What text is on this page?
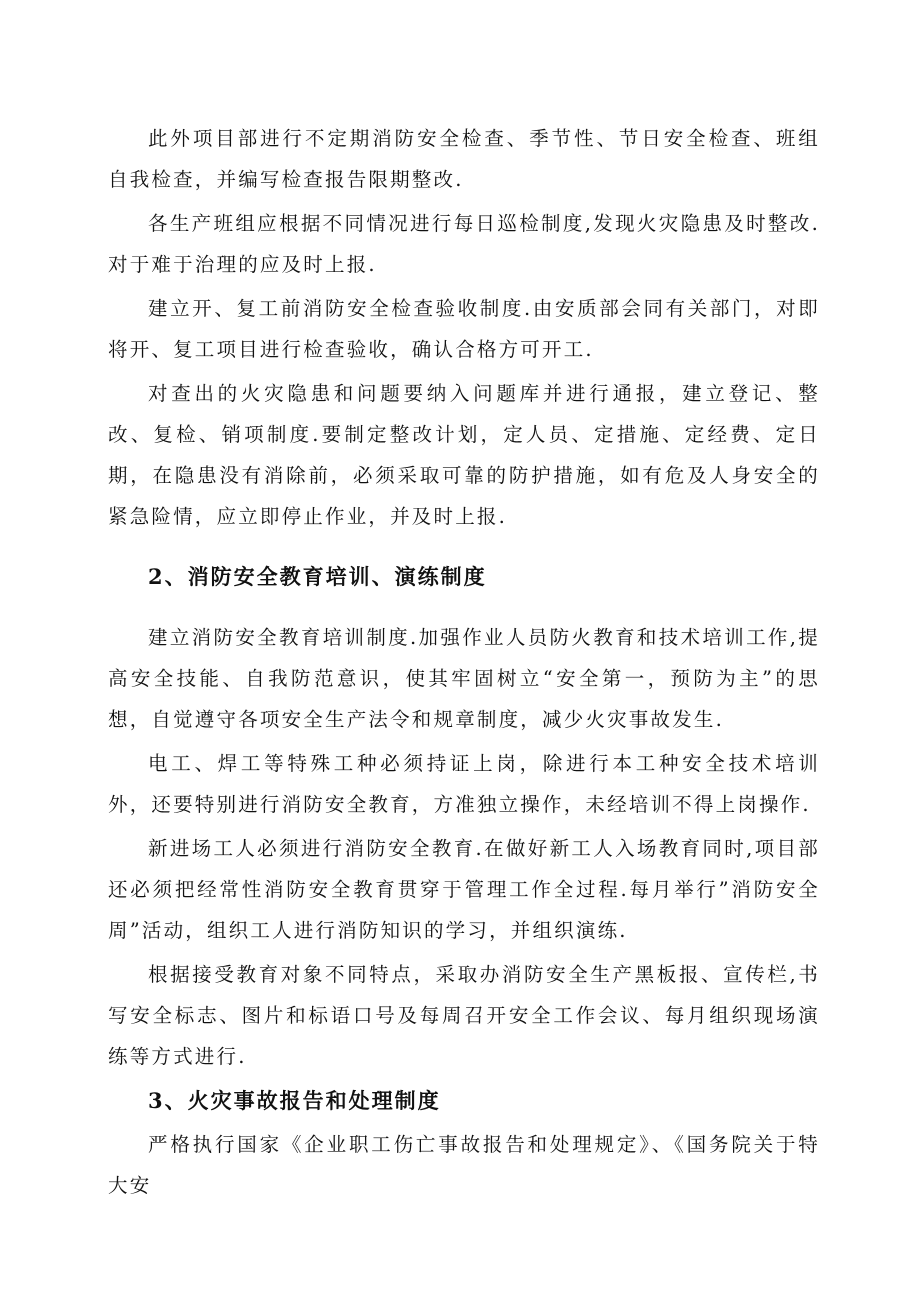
此外项目部进行不定期消防安全检查、季节性、节日安全检查、班组自我检查，并编写检查报告限期整改.

各生产班组应根据不同情况进行每日巡检制度,发现火灾隐患及时整改.对于难于治理的应及时上报.

建立开、复工前消防安全检查验收制度.由安质部会同有关部门，对即将开、复工项目进行检查验收，确认合格方可开工.

对查出的火灾隐患和问题要纳入问题库并进行通报，建立登记、整改、复检、销项制度.要制定整改计划，定人员、定措施、定经费、定日期，在隐患没有消除前，必须采取可靠的防护措施，如有危及人身安全的紧急险情，应立即停止作业，并及时上报.

2、消防安全教育培训、演练制度

建立消防安全教育培训制度.加强作业人员防火教育和技术培训工作,提高安全技能、自我防范意识，使其牢固树立“安全第一，预防为主”的思想，自觉遵守各项安全生产法令和规章制度，减少火灾事故发生.

电工、焊工等特殊工种必须持证上岗，除进行本工种安全技术培训外，还要特别进行消防安全教育，方准独立操作，未经培训不得上岗操作.

新进场工人必须进行消防安全教育.在做好新工人入场教育同时,项目部还必须把经常性消防安全教育贯穿于管理工作全过程.每月举行”消防安全周”活动，组织工人进行消防知识的学习，并组织演练.

根据接受教育对象不同特点，采取办消防安全生产黑板报、宣传栏,书写安全标志、图片和标语口号及每周召开安全工作会议、每月组织现场演练等方式进行.

3、火灾事故报告和处理制度

严格执行国家《企业职工伤亡事故报告和处理规定》、《国务院关于特大安
